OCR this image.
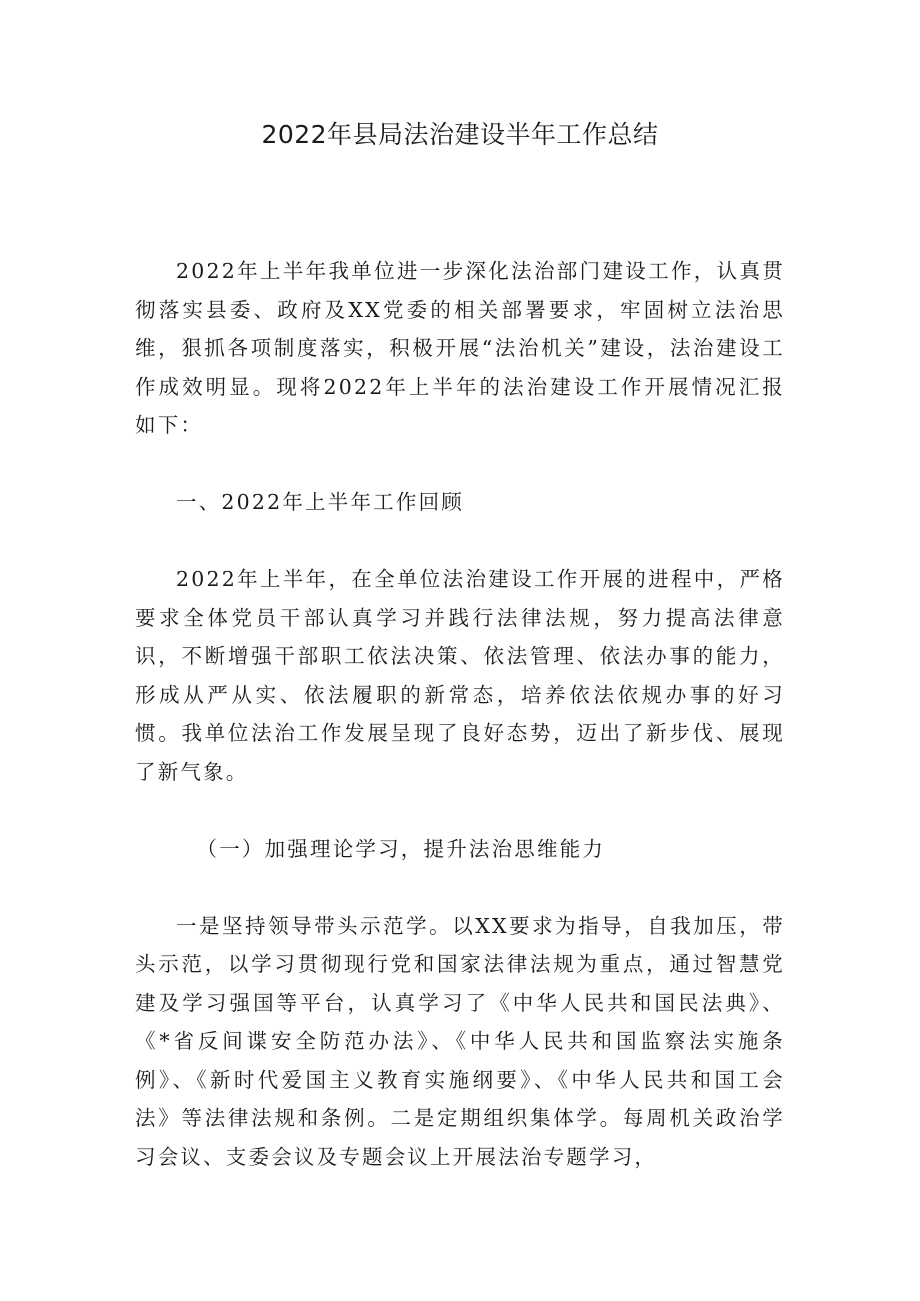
2022年县局法治建设半年工作总结

2022年上半年我单位进一步深化法治部门建设工作，认真贯彻落实县委、政府及XX党委的相关部署要求，牢固树立法治思维，狠抓各项制度落实，积极开展“法治机关”建设，法治建设工作成效明显。现将2022年上半年的法治建设工作开展情况汇报如下：

一、2022年上半年工作回顾

2022年上半年，在全单位法治建设工作开展的进程中，严格要求全体党员干部认真学习并践行法律法规，努力提高法律意识，不断增强干部职工依法决策、依法管理、依法办事的能力，形成从严从实、依法履职的新常态，培养依法依规办事的好习惯。我单位法治工作发展呈现了良好态势，迈出了新步伐、展现了新气象。

（一）加强理论学习，提升法治思维能力

一是坚持领导带头示范学。以XX要求为指导，自我加压，带头示范，以学习贯彻现行党和国家法律法规为重点，通过智慧党建及学习强国等平台，认真学习了《中华人民共和国民法典》、《*省反间谍安全防范办法》、《中华人民共和国监察法实施条例》、《新时代爱国主义教育实施纲要》、《中华人民共和国工会法》等法律法规和条例。二是定期组织集体学。每周机关政治学习会议、支委会议及专题会议上开展法治专题学习，
